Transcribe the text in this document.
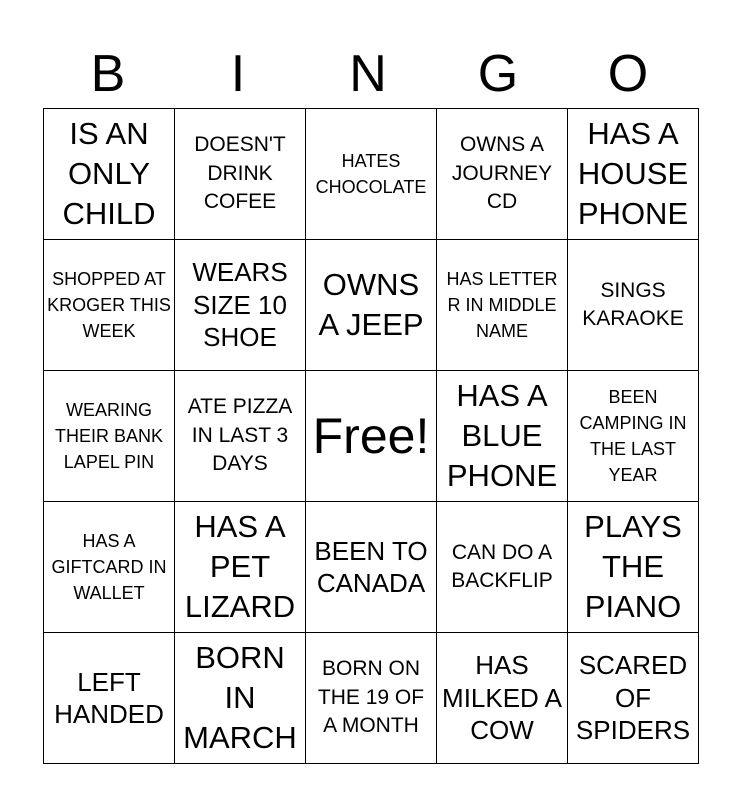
B	I	N	G	O
IS AN ONLY CHILD	DOESN'T DRINK COFEE	HATES CHOCOLATE	OWNS A JOURNEY CD	HAS A HOUSE PHONE

SHOPPED AT KROGER THIS WEEK	WEARS SIZE 10 SHOE	OWNS A JEEP	HAS LETTER R IN MIDDLE NAME	SINGS KARAOKE

WEARING THEIR BANK LAPEL PIN	ATE PIZZA IN LAST 3 DAYS	Free!	HAS A BLUE PHONE	BEEN CAMPING IN THE LAST YEAR

HAS A GIFTCARD IN WALLET	HAS A PET LIZARD	BEEN TO CANADA	CAN DO A BACKFLIP	PLAYS THE PIANO

LEFT HANDED	BORN IN MARCH	BORN ON THE 19 OF A MONTH	HAS MILKED A COW	SCARED OF SPIDERS
